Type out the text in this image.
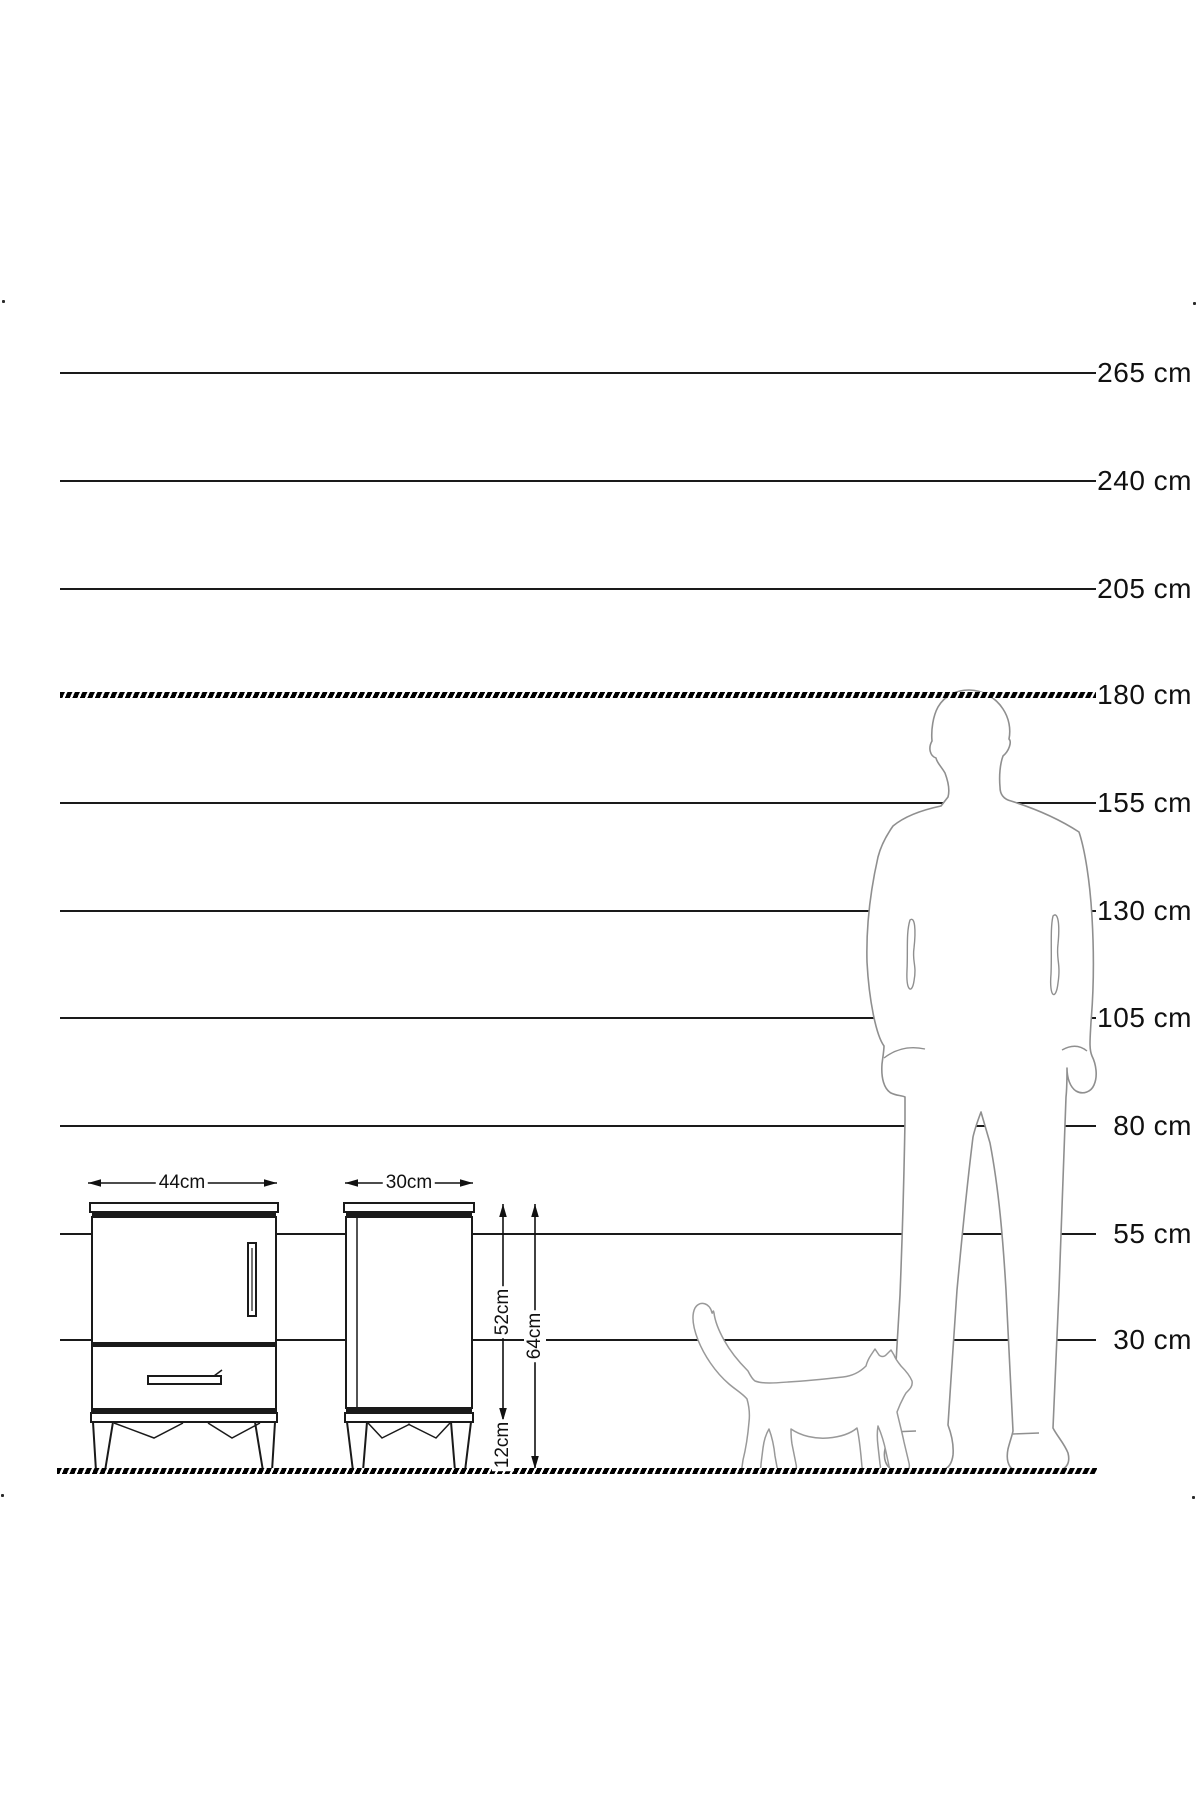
44cm	30cm
52cm
12cm
64cm
265 cm
240 cm
205 cm
180 cm
155 cm
130 cm
105 cm
80 cm
55 cm
30 cm
